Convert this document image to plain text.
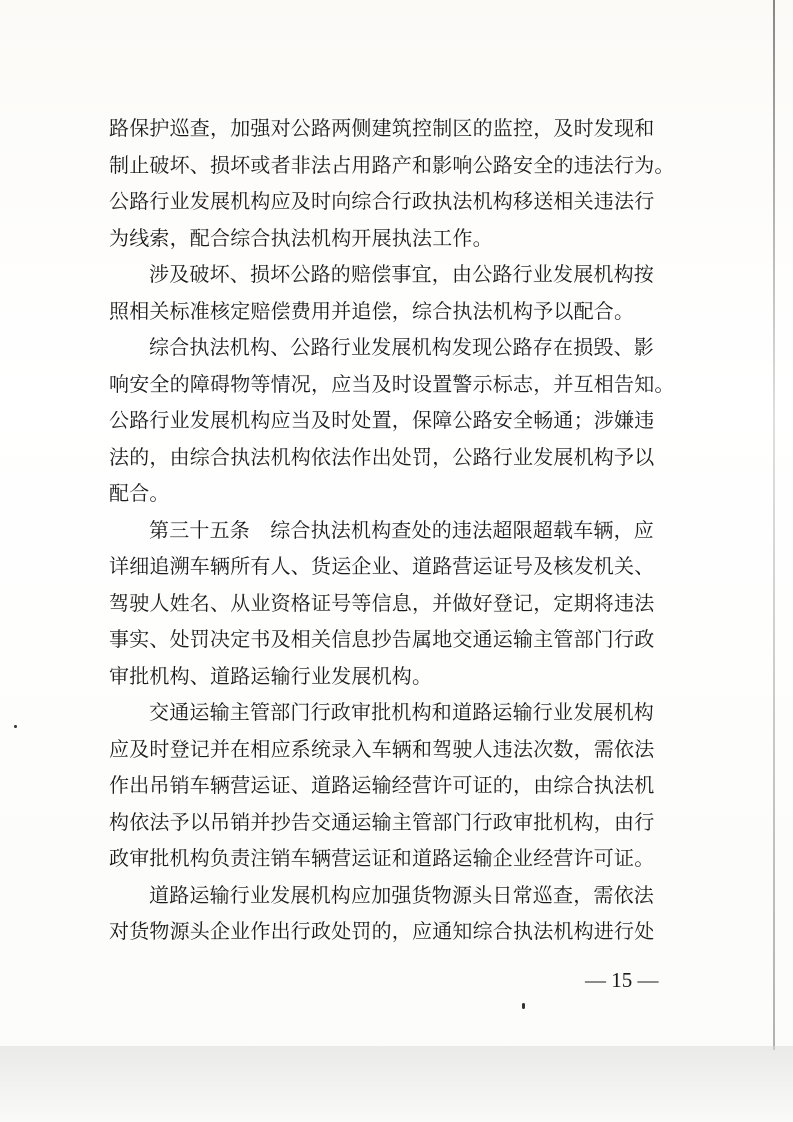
路保护巡查，加强对公路两侧建筑控制区的监控，及时发现和
制止破坏、损坏或者非法占用路产和影响公路安全的违法行为。
公路行业发展机构应及时向综合行政执法机构移送相关违法行
为线索，配合综合执法机构开展执法工作。
涉及破坏、损坏公路的赔偿事宜，由公路行业发展机构按
照相关标准核定赔偿费用并追偿，综合执法机构予以配合。
综合执法机构、公路行业发展机构发现公路存在损毁、影
响安全的障碍物等情况，应当及时设置警示标志，并互相告知。
公路行业发展机构应当及时处置，保障公路安全畅通；涉嫌违
法的，由综合执法机构依法作出处罚，公路行业发展机构予以
配合。
第三十五条　综合执法机构查处的违法超限超载车辆，应
详细追溯车辆所有人、货运企业、道路营运证号及核发机关、
驾驶人姓名、从业资格证号等信息，并做好登记，定期将违法
事实、处罚决定书及相关信息抄告属地交通运输主管部门行政
审批机构、道路运输行业发展机构。
交通运输主管部门行政审批机构和道路运输行业发展机构
应及时登记并在相应系统录入车辆和驾驶人违法次数，需依法
作出吊销车辆营运证、道路运输经营许可证的，由综合执法机
构依法予以吊销并抄告交通运输主管部门行政审批机构，由行
政审批机构负责注销车辆营运证和道路运输企业经营许可证。
道路运输行业发展机构应加强货物源头日常巡查，需依法
对货物源头企业作出行政处罚的，应通知综合执法机构进行处
— 15 —
